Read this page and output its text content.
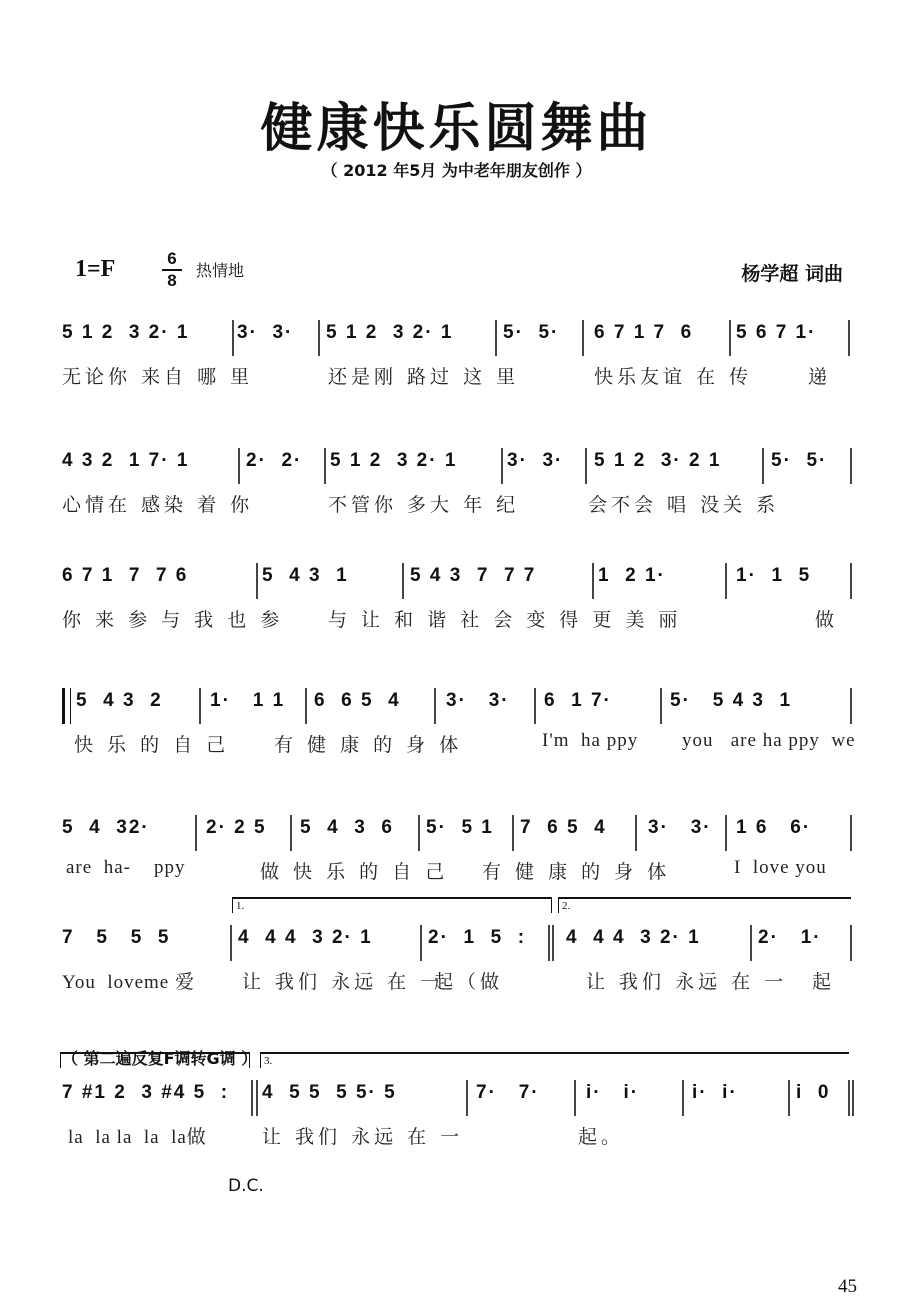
健康快乐圆舞曲
（ 2012 年5月 为中老年朋友创作 ）
1=F	6
8
热情地	杨学超 词曲
5 1 2  3 2· 1	3·  3· 5 1 2  3 2· 1	5·  5· 6 7 1 7  6 5 6 7 1·
无论你 来自 哪 里	还是刚 路过 这 里	快乐友谊 在 传	递
4 3 2  1 7· 1	2·  2· 5 1 2  3 2· 1	3·  3· 5 1 2  3· 2 1	5·  5·
心情在 感染 着 你	不管你 多大 年 纪	会不会 唱 没关 系
6 7 1  7  7 6	5  4 3  1	5 4 3  7  7 7	1  2 1·	1·  1  5
你 来 参 与 我 也 参 与 让 和 谐 社 会 变 得 更 美 丽	做
5  4 3  2 1·   1 1 6  6 5  4 3·   3· 6  1 7·	5·   5 4 3  1
快 乐 的 自 己 有 健 康 的 身 体	I'm  ha ppy you   are ha ppy  we
5  4  32·	2· 2 5 5  4  3  6 5·  5 1 7  6 5  4 3·   3· 1 6   6·
are  ha-    ppy	做 快 乐 的 自 己 有 健 康 的 身 体	I  love you
1.	2.
7   5   5  5	4  4 4  3 2· 1	2·  1  5  : 4  4 4  3 2· 1	2·   1·
You  loveme 爱 让 我们 永远 在 一
起（做	让 我们 永远 在 一 起
3.
7 #1 2  3 #4 5  : 4  5 5  5 5· 5	7·   7· i·   i·	i·  i·	i  0
la  la la  la  la做	让 我们 永远 在 一	起。
（ 第二遍反复F调转G调 ）
D.C.
45
